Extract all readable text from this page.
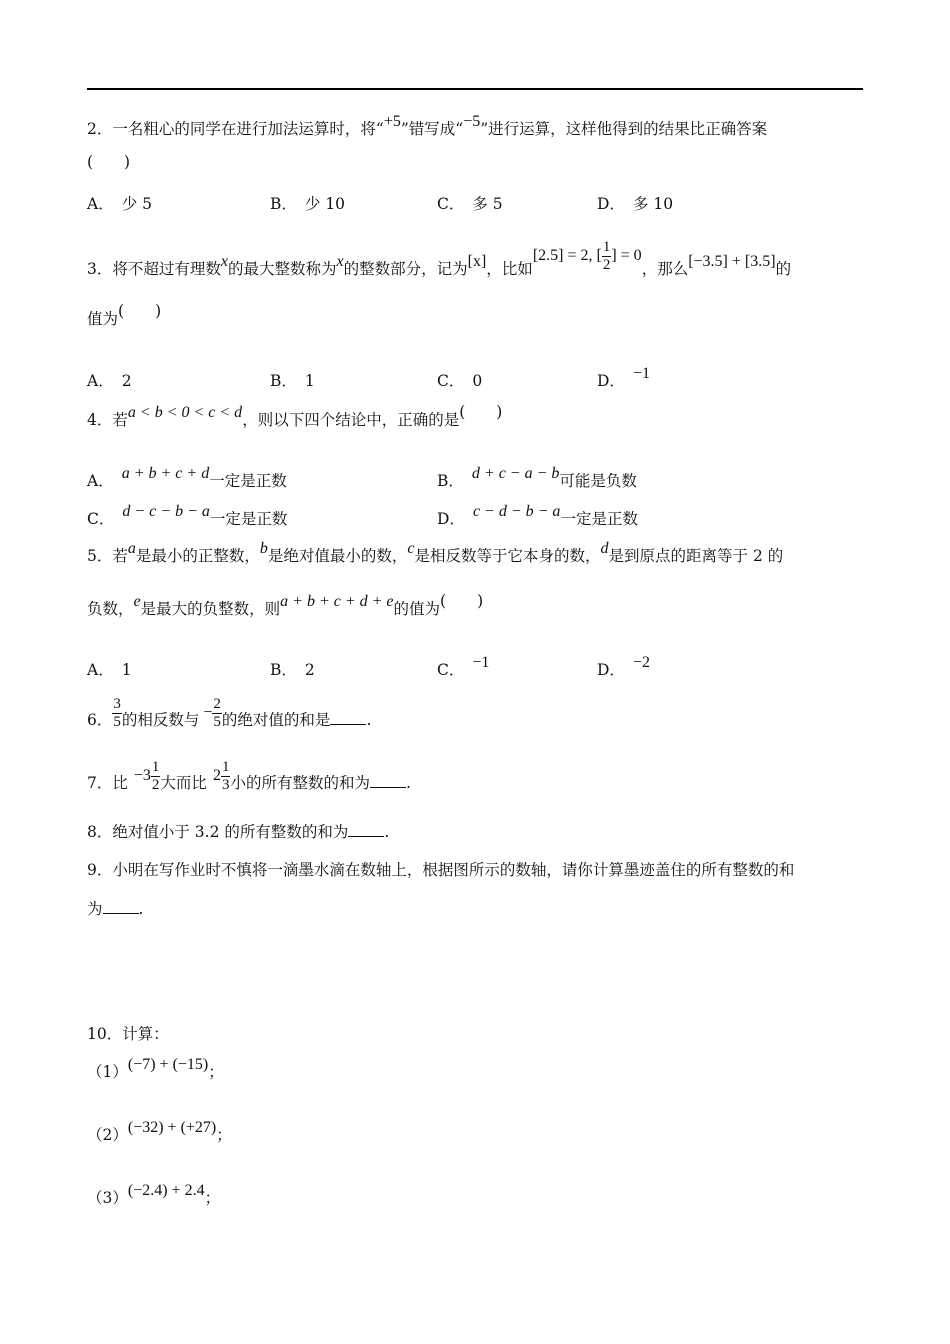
2．一名粗心的同学在进行加法运算时，将“+5”错写成“−5”进行运算，这样他得到的结果比正确答案
(　　)
A． 少 5	B． 少 10	C． 多 5	D． 多 10
3．将不超过有理数x的最大整数称为x的整数部分，记为[x]，比如[2.5] = 2, [ $\frac{1}{2}$ ] = 0，那么[−3.5] + [3.5]的
值为(　　)
A． 2	B． 1	C． 0	D． −1
4．若a < b < 0 < c < d，则以下四个结论中，正确的是(　　)
A． a + b + c + d一定是正数	B． d + c − a − b可能是负数
C． d − c − b − a一定是正数	D． c − d − b − a一定是正数
5．若a是最小的正整数，b是绝对值最小的数，c是相反数等于它本身的数，d是到原点的距离等于 2 的
负数，e是最大的负整数，则a + b + c + d + e的值为(　　)
A． 1	B． 2	C． −1	D． −2
6． $\frac{3}{5}$ 的相反数与 − $\frac{2}{5}$ 的绝对值的和是 .
7．比 $-3 \frac{1}{2}$ 大而比 $2 \frac{1}{3}$ 小的所有整数的和为 .
8．绝对值小于 3.2 的所有整数的和为 .
9．小明在写作业时不慎将一滴墨水滴在数轴上，根据图所示的数轴，请你计算墨迹盖住的所有整数的和
为 .
10．计算：
（1）(−7) + (−15)；
（2）(−32) + (+27)；
（3）(−2.4) + 2.4；
